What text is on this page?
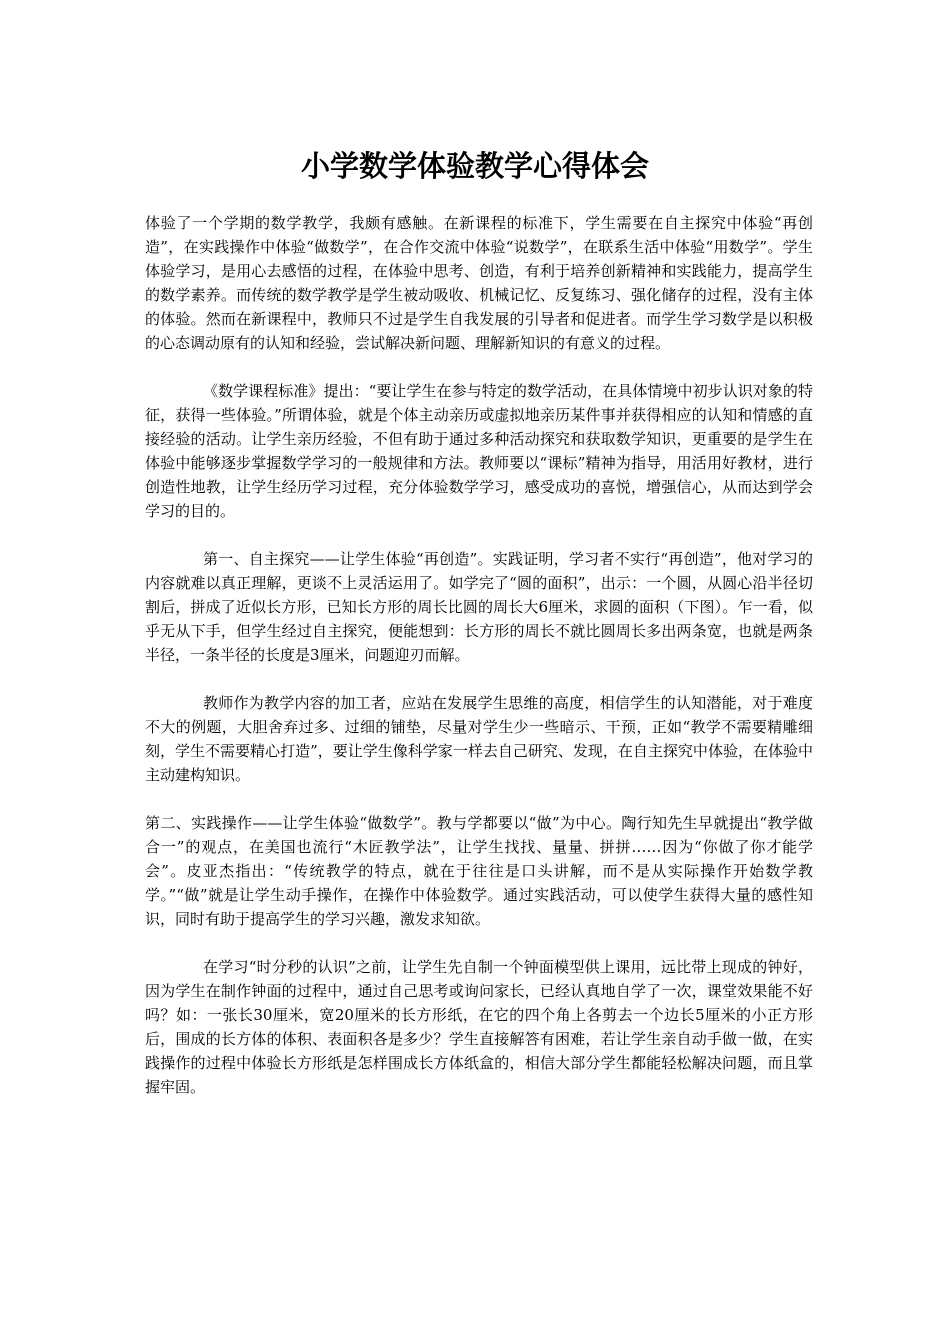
小学数学体验教学心得体会

体验了一个学期的数学教学，我颇有感触。在新课程的标准下，学生需要在自主探究中体验“再创造”，在实践操作中体验“做数学”，在合作交流中体验“说数学”，在联系生活中体验“用数学”。学生体验学习，是用心去感悟的过程，在体验中思考、创造，有利于培养创新精神和实践能力，提高学生的数学素养。而传统的数学教学是学生被动吸收、机械记忆、反复练习、强化储存的过程，没有主体的体验。然而在新课程中，教师只不过是学生自我发展的引导者和促进者。而学生学习数学是以积极的心态调动原有的认知和经验，尝试解决新问题、理解新知识的有意义的过程。

《数学课程标准》提出：“要让学生在参与特定的数学活动，在具体情境中初步认识对象的特征，获得一些体验。”所谓体验，就是个体主动亲历或虚拟地亲历某件事并获得相应的认知和情感的直接经验的活动。让学生亲历经验，不但有助于通过多种活动探究和获取数学知识，更重要的是学生在体验中能够逐步掌握数学学习的一般规律和方法。教师要以“课标”精神为指导，用活用好教材，进行创造性地教，让学生经历学习过程，充分体验数学学习，感受成功的喜悦，增强信心，从而达到学会学习的目的。

第一、自主探究——让学生体验“再创造”。实践证明，学习者不实行“再创造”，他对学习的内容就难以真正理解，更谈不上灵活运用了。如学完了“圆的面积”，出示：一个圆，从圆心沿半径切割后，拼成了近似长方形，已知长方形的周长比圆的周长大6厘米，求圆的面积（下图）。乍一看，似乎无从下手，但学生经过自主探究，便能想到：长方形的周长不就比圆周长多出两条宽，也就是两条半径，一条半径的长度是3厘米，问题迎刃而解。

教师作为教学内容的加工者，应站在发展学生思维的高度，相信学生的认知潜能，对于难度不大的例题，大胆舍弃过多、过细的铺垫，尽量对学生少一些暗示、干预，正如“教学不需要精雕细刻，学生不需要精心打造”，要让学生像科学家一样去自己研究、发现，在自主探究中体验，在体验中主动建构知识。

第二、实践操作——让学生体验“做数学”。教与学都要以“做”为中心。陶行知先生早就提出“教学做合一”的观点，在美国也流行“木匠教学法”，让学生找找、量量、拼拼……因为“你做了你才能学会”。皮亚杰指出：“传统教学的特点，就在于往往是口头讲解，而不是从实际操作开始数学教学。”“做”就是让学生动手操作，在操作中体验数学。通过实践活动，可以使学生获得大量的感性知识，同时有助于提高学生的学习兴趣，激发求知欲。

在学习“时分秒的认识”之前，让学生先自制一个钟面模型供上课用，远比带上现成的钟好，因为学生在制作钟面的过程中，通过自己思考或询问家长，已经认真地自学了一次，课堂效果能不好吗？如：一张长30厘米，宽20厘米的长方形纸，在它的四个角上各剪去一个边长5厘米的小正方形后，围成的长方体的体积、表面积各是多少？学生直接解答有困难，若让学生亲自动手做一做，在实践操作的过程中体验长方形纸是怎样围成长方体纸盒的，相信大部分学生都能轻松解决问题，而且掌握牢固。
